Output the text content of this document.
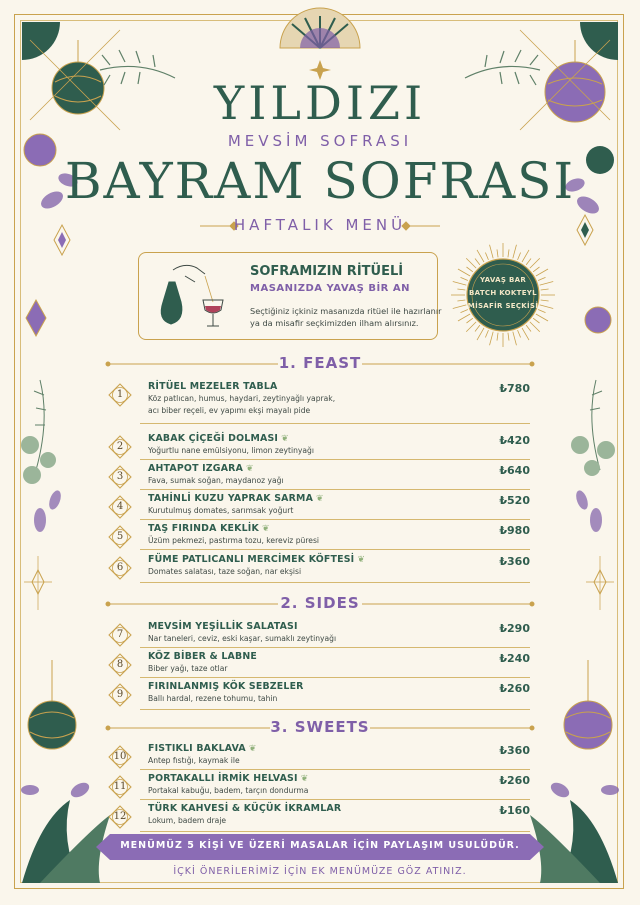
YILDIZI
MEVSİM SOFRASI
BAYRAM SOFRASI
HAFTALIK MENÜ
SOFRAMIZIN RİTÜELİ
MASANIZDA YAVAŞ BİR AN
Seçtiğiniz içkiniz masanızda ritüel ile hazırlanır
ya da misafir seçkimizden ilham alırsınız.
YAVAŞ BAR
BATCH KOKTEYL
MİSAFİR SEÇKİSİ
1. FEAST
1
RİTÜEL MEZELER TABLA
Köz patlıcan, humus, haydari, zeytinyağlı yaprak,
acı biber reçeli, ev yapımı ekşi mayalı pide
₺780
2
KABAK ÇİÇEĞİ DOLMASI ❦
Yoğurtlu nane emülsiyonu, limon zeytinyağı
₺420
3
AHTAPOT IZGARA ❦
Fava, sumak soğan, maydanoz yağı
₺640
4
TAHİNLİ KUZU YAPRAK SARMA ❦
Kurutulmuş domates, sarımsak yoğurt
₺520
5
TAŞ FIRINDA KEKLİK ❦
Üzüm pekmezi, pastırma tozu, kereviz püresi
₺980
6
FÜME PATLICANLI MERCİMEK KÖFTESİ ❦
Domates salatası, taze soğan, nar ekşisi
₺360
2. SIDES
7
MEVSİM YEŞİLLİK SALATASI
Nar taneleri, ceviz, eski kaşar, sumaklı zeytinyağı
₺290
8
KÖZ BİBER & LABNE
Biber yağı, taze otlar
₺240
9
FIRINLANMIŞ KÖK SEBZELER
Ballı hardal, rezene tohumu, tahin
₺260
3. SWEETS
10
FISTIKLI BAKLAVA ❦
Antep fıstığı, kaymak ile
₺360
11
PORTAKALLI İRMİK HELVASI ❦
Portakal kabuğu, badem, tarçın dondurma
₺260
12
TÜRK KAHVESİ & KÜÇÜK İKRAMLAR
Lokum, badem draje
₺160
MENÜMÜZ 5 KİŞİ VE ÜZERİ MASALAR İÇİN PAYLAŞIM USULÜDÜR.
İÇKİ ÖNERİLERİMİZ İÇİN EK MENÜMÜZE GÖZ ATINIZ.
